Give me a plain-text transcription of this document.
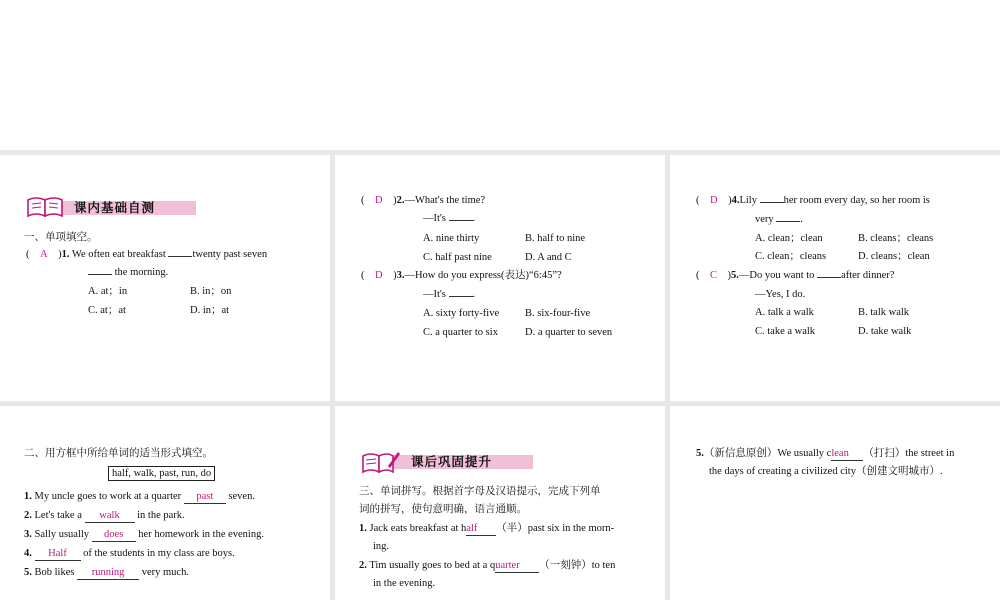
课内基础自测
一、单项填空。
(    A    )1. We often eat breakfast	twenty past seven
the morning.
A. at；in	B. in；on
C. at；at	D. in；at
(    D    )2.—What's the time?
—It's	.
A. nine thirty	B. half to nine
C. half past nine	D. A and C
(    D    )3.—How do you express(表达)“6:45”?
—It's	.
A. sixty forty-five B. six-four-five
C. a quarter to six	D. a quarter to seven
(    D    )4.Lily	her room every day, so her room is
very	.
A. clean；clean	B. cleans；cleans
C. clean；cleans	D. cleans；clean
(    C    )5.—Do you want to	after dinner?
—Yes, I do.
A. talk a walk	B. talk walk
C. take a walk	D. take walk
二、用方框中所给单词的适当形式填空。
half, walk, past, run, do
1. My uncle goes to work at a quarter past seven.
2. Let's take a walk in the park.
3. Sally usually does her homework in the evening.
4. Half of the students in my class are boys.
5. Bob likes running very much.
课后巩固提升
三、单词拼写。根据首字母及汉语提示，完成下列单
词的拼写，使句意明确，语言通顺。
1. Jack eats breakfast at half （半）past six in the morn-
ing.
2. Tim usually goes to bed at a quarter （一刻钟）to ten
in the evening.
5.（新信息原创）We usually clean （打扫）the street in
the days of creating a civilized city（创建文明城市）.
